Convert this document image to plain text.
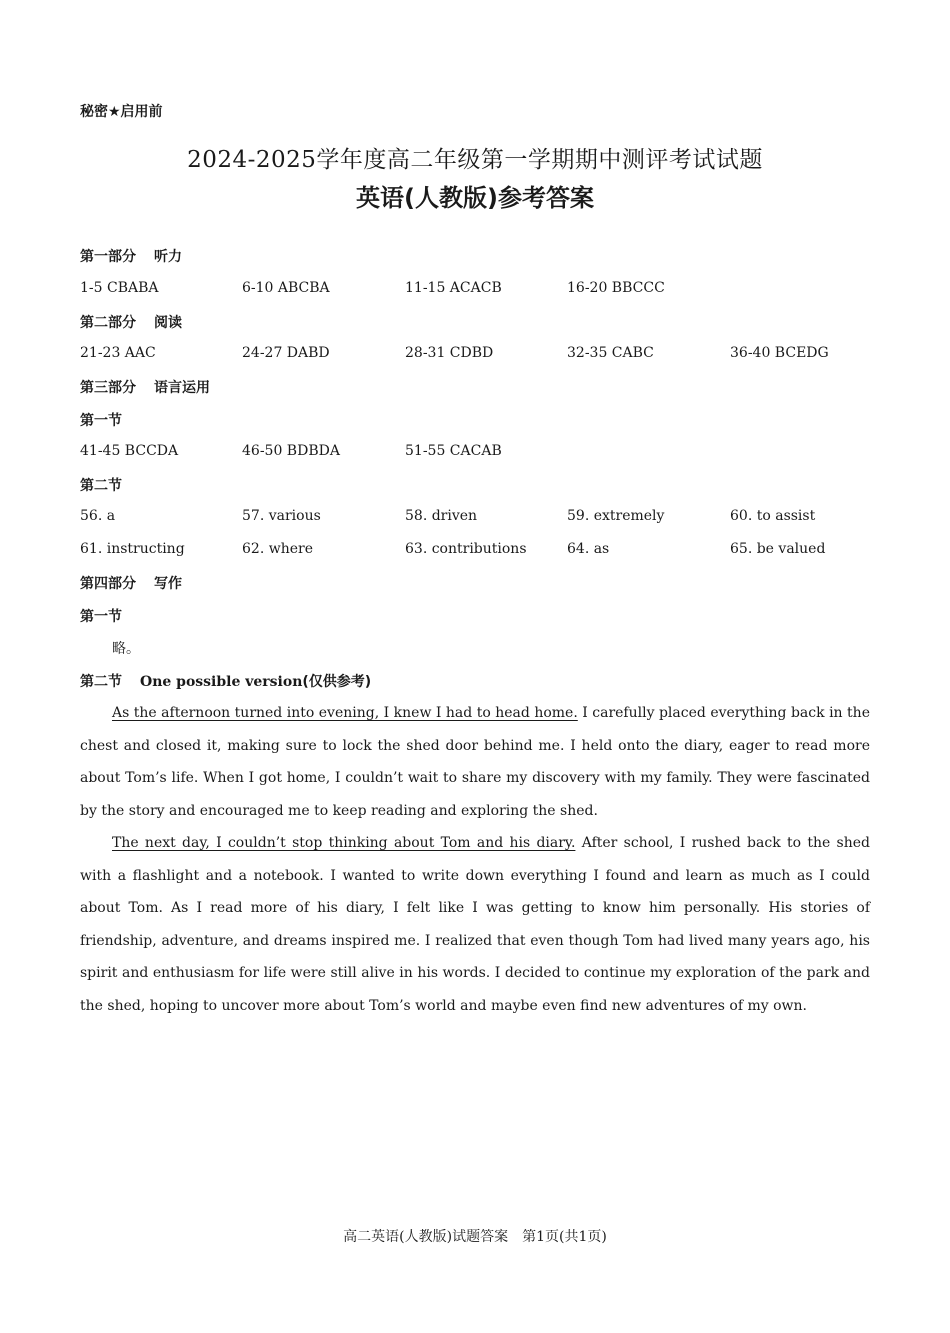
秘密★启用前
2024-2025学年度高二年级第一学期期中测评考试试题
英语(人教版)参考答案
第一部分 听力
1-5 CBABA	6-10 ABCBA	11-15 ACACB	16-20 BBCCC
第二部分 阅读
21-23 AAC	24-27 DABD	28-31 CDBD	32-35 CABC	36-40 BCEDG
第三部分 语言运用
第一节
41-45 BCCDA	46-50 BDBDA	51-55 CACAB
第二节
56. a	57. various	58. driven	59. extremely	60. to assist
61. instructing	62. where	63. contributions	64. as	65. be valued
第四部分 写作
第一节
略。
第二节 One possible version(仅供参考)

As the afternoon turned into evening, I knew I had to head home. I carefully placed everything back in the chest and closed it, making sure to lock the shed door behind me. I held onto the diary, eager to read more about Tom’s life. When I got home, I couldn’t wait to share my discovery with my family. They were fascinated by the story and encouraged me to keep reading and exploring the shed.

The next day, I couldn’t stop thinking about Tom and his diary. After school, I rushed back to the shed with a flashlight and a notebook. I wanted to write down everything I found and learn as much as I could about Tom. As I read more of his diary, I felt like I was getting to know him personally. His stories of friendship, adventure, and dreams inspired me. I realized that even though Tom had lived many years ago, his spirit and enthusiasm for life were still alive in his words. I decided to continue my exploration of the park and the shed, hoping to uncover more about Tom’s world and maybe even find new adventures of my own.

高二英语(人教版)试题答案　第1页(共1页)
